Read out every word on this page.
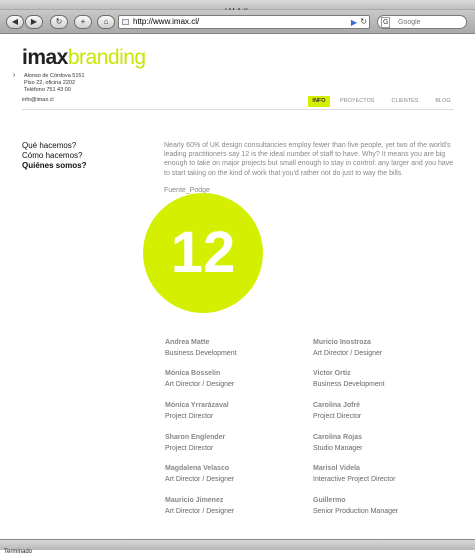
◀	▶	↻	+	⌂	http://www.imax.cl/	▶ ↻ G
Google
imaxbranding
› Alonso de Córdova 5151
Piso 22, oficina 2202
Teléfono 751 43 00
info@imax.cl	INFO	PROYECTOS	CLIENTES	BLOG
Qué hacemos?
Cómo hacemos?
Quiénes somos?
Nearly 60% of UK design consultancies employ fewer than five people, yet two of the world's leading practitioners say 12 is the ideal number of staff to have. Why? It means you are big enough to take on major projects but small enough to stay in control: any larger and you have to start taking on the kind of work that you'd rather not do just to way the bills.
Fuente_Podge
12
Andrea Matte
Business Development
Muricio Inostroza
Art Director / Designer
Mónica Bosselin
Art Director / Designer
Victor Ortiz
Business Development
Mónica Yrrarázaval
Project Director
Carolina Jofré
Project Director
Sharon Englender
Project Director
Carolina Rojas
Studio Manager
Magdalena Velasco
Art Director / Designer
Marisol Videla
Interactive Project Director
Mauricio Jimenez
Art Director / Designer
Guillermo
Senior Production Manager
Terminado
